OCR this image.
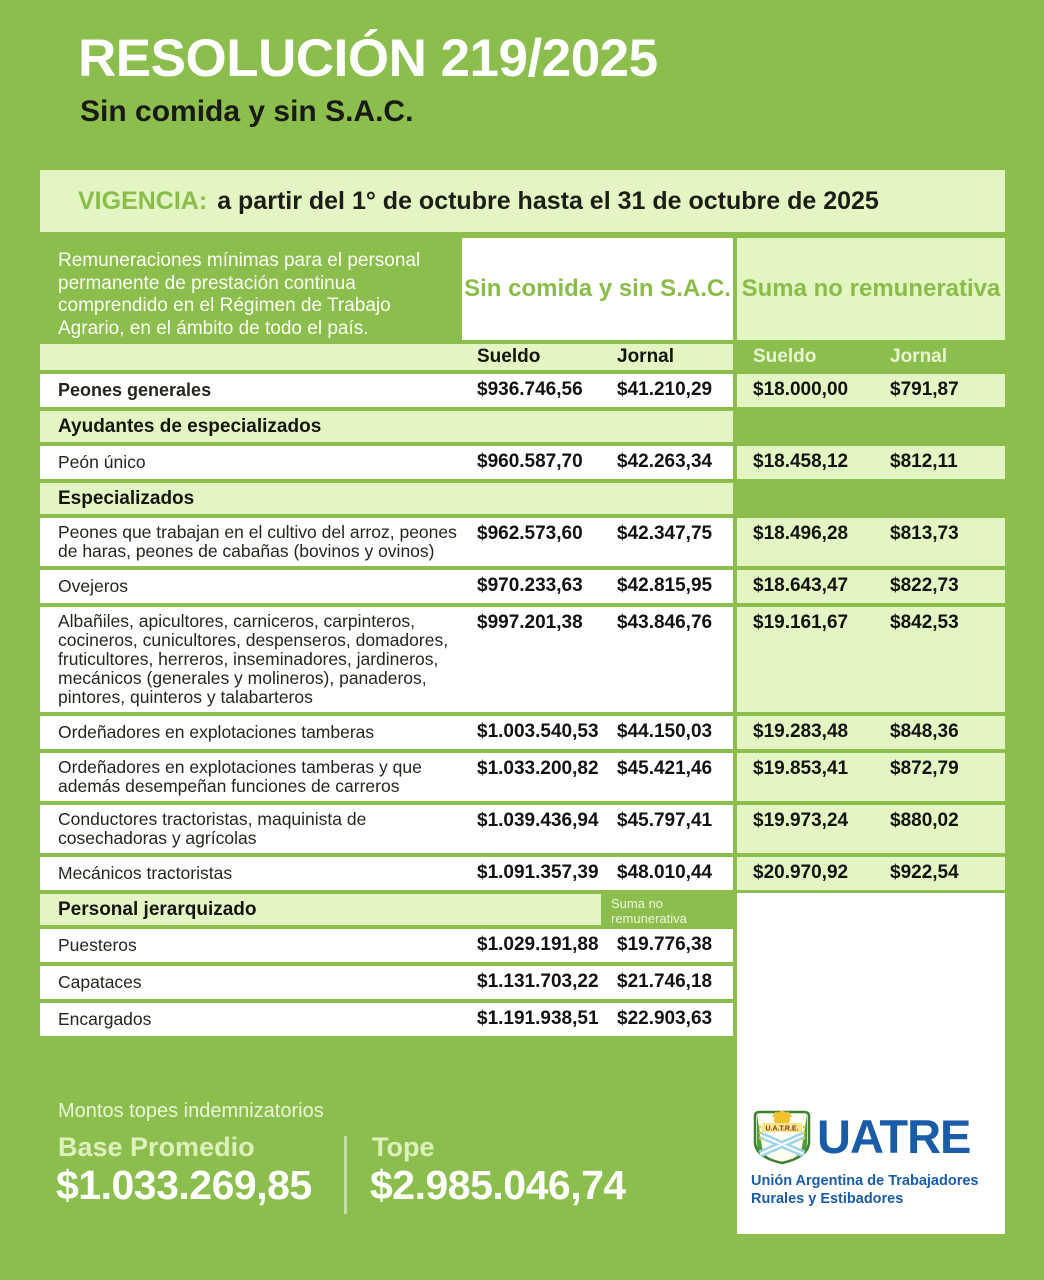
RESOLUCIÓN 219/2025
Sin comida y sin S.A.C.
VIGENCIA: a partir del 1° de octubre hasta el 31 de octubre de 2025
Remuneraciones mínimas para el personal permanente de prestación continua comprendido en el Régimen de Trabajo Agrario, en el ámbito de todo el país.
Sin comida y sin S.A.C. Suma no remunerativa
Sueldo	Jornal	Sueldo	Jornal
Peones generales	$936.746,56 $41.210,29 $18.000,00 $791,87
Ayudantes de especializados
Peón único	$960.587,70 $42.263,34 $18.458,12 $812,11
Especializados
Peones que trabajan en el cultivo del arroz, peones de haras, peones de cabañas (bovinos y ovinos)
$962.573,60 $42.347,75 $18.496,28 $813,73
Ovejeros	$970.233,63 $42.815,95 $18.643,47 $822,73
Albañiles, apicultores, carniceros, carpinteros, cocineros, cunicultores, despenseros, domadores, fruticultores, herreros, inseminadores, jardineros, mecánicos (generales y molineros), panaderos, pintores, quinteros y talabarteros
$997.201,38 $43.846,76 $19.161,67 $842,53
Ordeñadores en explotaciones tamberas	$1.003.540,53 $44.150,03 $19.283,48 $848,36
Ordeñadores en explotaciones tamberas y que además desempeñan funciones de carreros
$1.033.200,82 $45.421,46 $19.853,41 $872,79
Conductores tractoristas, maquinista de cosechadoras y agrícolas
$1.039.436,94 $45.797,41 $19.973,24 $880,02
Mecánicos tractoristas	$1.091.357,39 $48.010,44 $20.970,92 $922,54
Personal jerarquizado	Suma no remunerativa
Puesteros	$1.029.191,88 $19.776,38
Capataces	$1.131.703,22 $21.746,18
Encargados	$1.191.938,51 $22.903,63
Montos topes indemnizatorios
Base Promedio
$1.033.269,85
Tope
$2.985.046,74
U.A.T.R.E. UATRE
Unión Argentina de Trabajadores
Rurales y Estibadores
